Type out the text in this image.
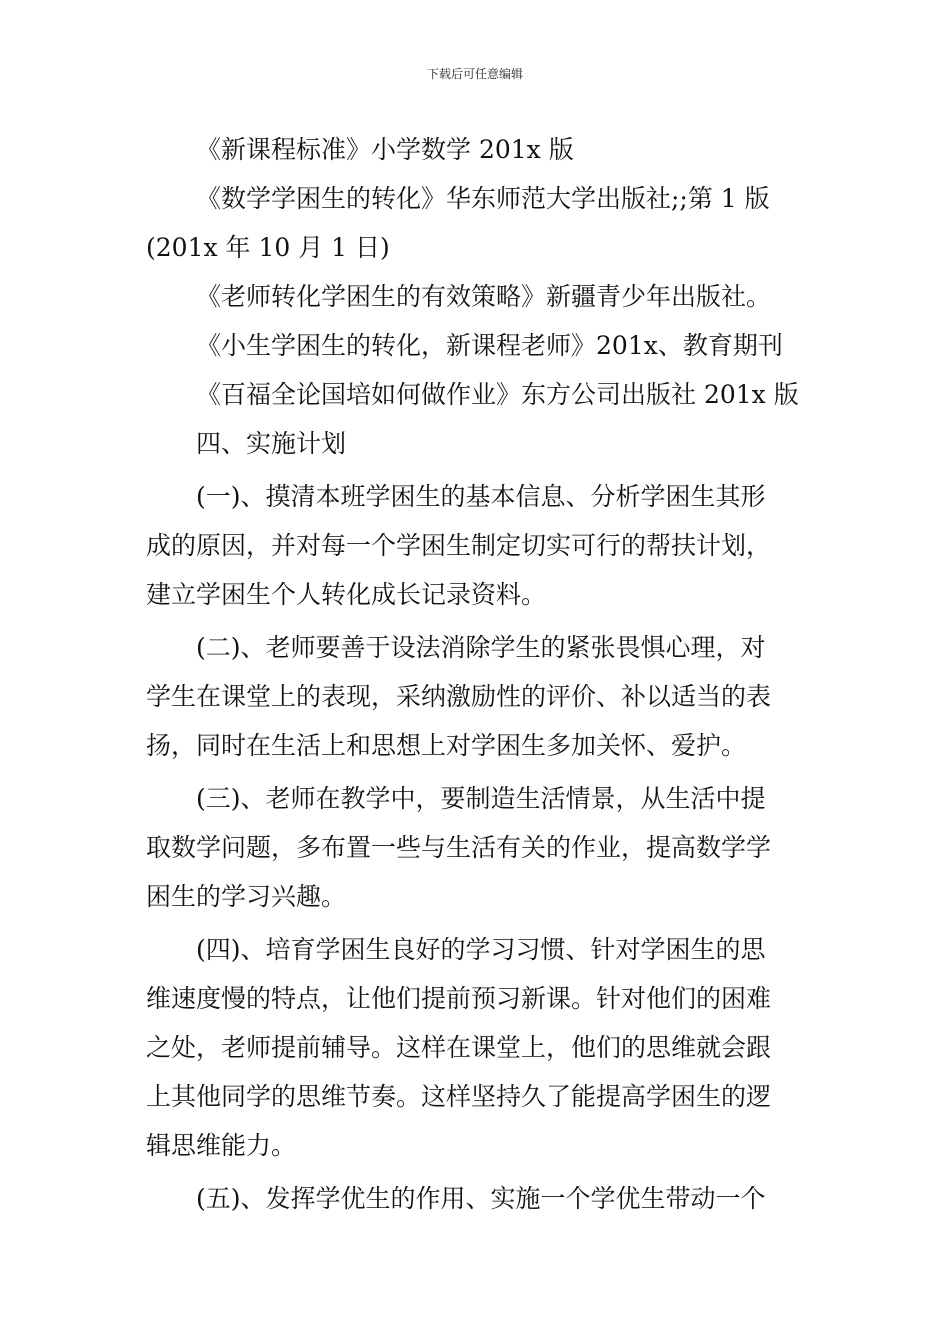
下载后可任意编辑
《新课程标准》小学数学 201x 版
《数学学困生的转化》华东师范大学出版社;;第 1 版
(201x 年 10 月 1 日)
《老师转化学困生的有效策略》新疆青少年出版社。
《小生学困生的转化，新课程老师》201x、教育期刊
《百福全论国培如何做作业》东方公司出版社 201x 版
四、实施计划
(一)、摸清本班学困生的基本信息、分析学困生其形
成的原因，并对每一个学困生制定切实可行的帮扶计划，
建立学困生个人转化成长记录资料。
(二)、老师要善于设法消除学生的紧张畏惧心理，对
学生在课堂上的表现，采纳激励性的评价、补以适当的表
扬，同时在生活上和思想上对学困生多加关怀、爱护。
(三)、老师在教学中，要制造生活情景，从生活中提
取数学问题，多布置一些与生活有关的作业，提高数学学
困生的学习兴趣。
(四)、培育学困生良好的学习习惯、针对学困生的思
维速度慢的特点，让他们提前预习新课。针对他们的困难
之处，老师提前辅导。这样在课堂上，他们的思维就会跟
上其他同学的思维节奏。这样坚持久了能提高学困生的逻
辑思维能力。
(五)、发挥学优生的作用、实施一个学优生带动一个
